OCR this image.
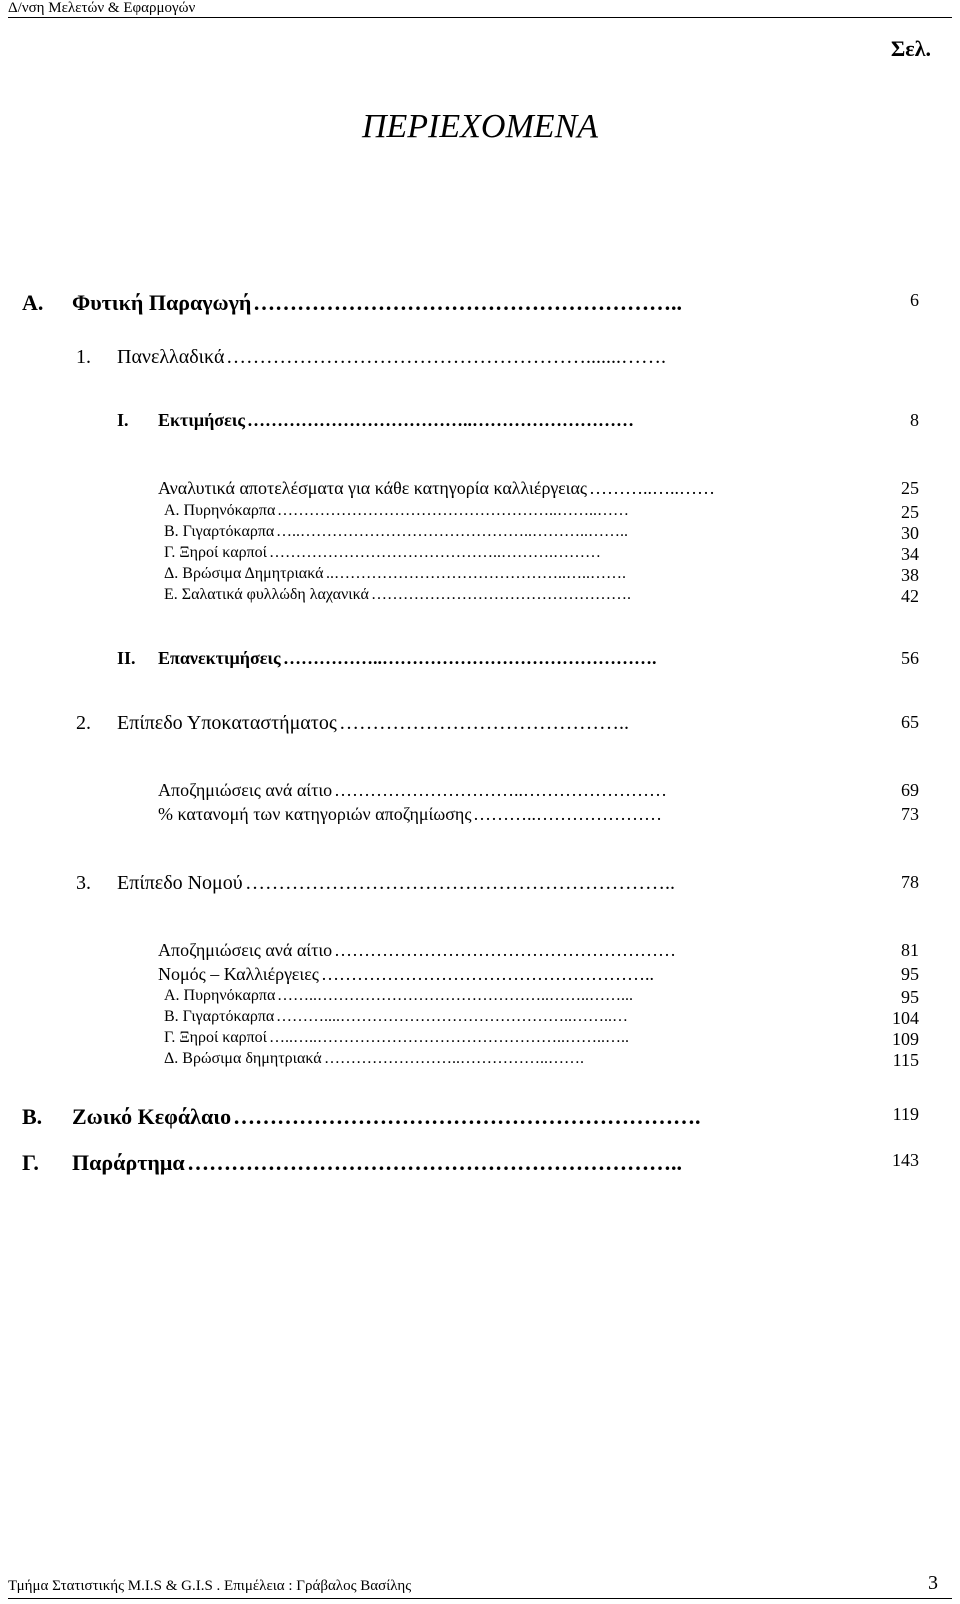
Δ/νση Μελετών & Εφαρμογών
ΠΕΡΙΕΧΟΜΕΝΑ
Σελ.
Α. Φυτική Παραγωγή …………………………………………………..	6
1. Πανελλαδικά ……………………………………………….......…….
Ι. Εκτιμήσεις ………………………………..………………………	8
Αναλυτικά αποτελέσματα για κάθε κατηγορία καλλιέργειας ………..…..……	25
Α. Πυρηνόκαρπα ……………………………………………..……..……	25
Β. Γιγαρτόκαρπα …..……………………………………..………..……..	30
Γ. Ξηροί καρποί ……………………………………..……….………	34
Δ. Βρώσιμα Δημητριακά ..……………………………………..…..…….	38
Ε. Σαλατικά φυλλώδη λαχανικά ………………………………………….	42
ΙΙ. Επανεκτιμήσεις ……………..……………………………………….	56
2. Επίπεδο Υποκαταστήματος ……………………………………..	65
Αποζημιώσεις ανά αίτιο …………………………..……………………	69
% κατανομή των κατηγοριών αποζημίωσης ………..…………………	73
3. Επίπεδο Νομού ………………………………………………………..	78
Αποζημιώσεις ανά αίτιο …………………………………………………	81
Νομός – Καλλιέργειες ………………………………………………..	95
Α. Πυρηνόκαρπα ……..……………………………………..……..……...	95
Β. Γιγαρτόκαρπα ………....……………………………………..……..…	104
Γ. Ξηροί καρποί …..…..………………………………………..……..…..	109
Δ. Βρώσιμα δημητριακά ……………………..……………..…….	115
Β. Ζωικό Κεφάλαιο ……………………………………………………….	119
Γ. Παράρτημα …………………………………………………………..	143
Τμήμα Στατιστικής M.I.S & G.I.S . Επιμέλεια : Γράβαλος Βασίλης	3
